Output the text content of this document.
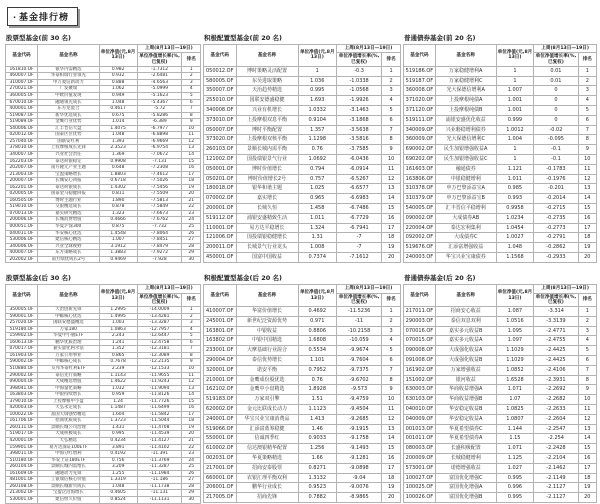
· 基金排行榜
股票型基金(前 30 名)
基金代码	基金名称	单位净值(元,8月13日)	上周(8月13日—19日)	
			单位净值增长率(%,已复权)	排名
161810.OF	银华内需精选	0.982	-1.7312	1
460007.OF	华泰柏瑞行业领先	0.932	-2.6481	2
310007.OF	申万菱信新动力	0.888	-4.6563	3
270021.OF	广发聚瑞	1.062	-5.0999	4
360005.OF	中欧价值发现	0.949	-5.1623	5
670010.OF	融通领先成长	1.048	-5.4367	6
400001.OF	东方龙混合	0.4617	-5.72	7
519087.OF	新华优选成长	0.675	-5.8286	8
519089.OF	金鹰行业优势	1.014	-6.389	9
540006.OF	汇丰晋信大盘	1.4075	-6.7977	10
020012.OF	国泰区位优势	1.048	-6.8898	11
257040.OF	国联安红利	1.393	-6.9669	12
378010.OF	上投摩根成长先锋	2.3523	-6.9754	13
340007.OF	兴业社会责任	1.369	-7.0672	14
162203.OF	泰达荷银稳定	0.9908	-7.131	15
202007.OF	南方隆元产业主题	0.648	-7.2308	16
213003.OF	宝盈策略增长	1.8803	-7.4612	17
200007.OF	长城安心回报	0.6718	-7.5026	18
162201.OF	泰达荷银成长	1.4302	-7.5456	19
020005.OF	国泰金马稳健回报	0.811	-7.5509	20
160505.OF	博时主题行业	1.890	-7.5813	21
519010.OF	交银精选成长	0.878	-7.5849	22
070013.OF	嘉实研究精选	1.323	-7.6673	23
200006.OF	长城消费增值	0.4666	-7.6762	24
000051.OF	华夏沪深300	0.875	-7.732	25
040011.OF	华安核心优选	1.4548	-7.8064	26
530006.OF	建信核心精选	1.007	-7.8451	27
340006.OF	兴业全球视野	3.1912	-7.8479	28
400007.OF	东方策略成长	1.3883	-7.9272	29
202002.OF	南方绩优成长2号	0.9469	-7.928	30
积极配置型基金(前 20 名)
基金代码	基金名称	单位净值(元,8月13日)	上周(8月13日—19日)	
			单位净值增长率(%,已复权)	排名
050012.OF	博时策略灵活配置	1	-0.3	1
580005.OF	东吴进取策略	1.036	-1.0338	2
350007.OF	天治趋势精选	0.995	-1.0568	3
255010.OF	国联安德盛稳健	1.693	-1.9926	4
340008.OF	兴业有机增长	1.0332	-3.1463	5
373010.OF	上投摩根双息平衡	0.9104	-3.1868	6
050007.OF	博时平衡配置	1.357	-3.5638	7
373020.OF	上投摩根双核平衡	1.1298	-3.5816	8
260103.OF	景顺长城内需平衡	0.76	-3.7585	9
121002.OF	国投瑞银景气行业	1.0692	-6.0436	10
050001.OF	博时价值增长	0.794	-6.0914	11
050201.OF	博时价值增长2号	0.757	-6.5267	12
180018.OF	银华和谐主题	1.025	-6.6577	13
070002.OF	嘉实增长	0.965	-6.6983	14
200001.OF	长城久恒	1.458	-6.7486	15
519112.OF	浦银安盛精致生活	1.011	-6.7729	16
110001.OF	易方达平稳增长	1.324	-6.7941	17
121006.OF	国投瑞银稳健增长	1.31	-7	18
200011.OF	长城景气行业龙头	1.008	-7	19
450001.OF	国富中国收益	0.7374	-7.1612	20
普通债券基金(前 20 名)
基金代码	基金名称	单位净值(元,8月13日)	上周(8月13日—19日)	
			单位净值增长率(%,已复权)	排名
519186.OF	万家稳健增利A	1	0.01	1
519187.OF	万家稳健增利C	1	0.01	2
360008.OF	光大保德信增利A	1.007	0	3
371020.OF	上投摩根纯债A	1.001	0	4
371120.OF	上投摩根纯债B	1.001	0	5
519111.OF	浦银安盛优化收益	0.999	0	6
340009.OF	兴业磐稳增利债券	1.0012	-0.02	7
360009.OF	光大保德信增利C	1.004	-0.095	8
690002.OF	民生加银增强收益A	1	-0.1	9
690202.OF	民生加银增强收益C	1	-0.1	10
161603.OF	融通债券	1.121	-0.1783	11
163806.OF	中银稳健增利	1.011	-0.1976	12
310378.OF	申万巴黎添益宝A	0.985	-0.201	13
310379.OF	申万巴黎添益宝B	0.993	-0.2014	14
540005.OF	汇丰晋信平稳增利	0.9958	-0.2715	15
090002.OF	大成债券AB	1.0234	-0.2735	16
220004.OF	泰达宏利集利	1.0454	-0.2773	17
092002.OF	大成债券C	1.0027	-0.2791	18
519676.OF	汇添富增强收益	1.048	-0.2862	19
240003.OF	华宝兴业宝康债券	1.1568	-0.2933	20
股票型基金(后 30 名)
基金代码	基金名称	单位净值(元,8月13日)	上周(8月13日—19日)	
			单位净值增长率(%,已复权)	排名
350005.OF	天治创新先锋	1.2995	-14.0009	1
590001.OF	中邮核心优选	1.4995	-13.4281	2
257020.OF	国联安德盛精选	1.003	-13.3287	3
519180.OF	万家180	1.0863	-12.7957	4
159902.OF	华夏中小板ETF	2.243	-12.6447	5
160613.OF	鹏华优质治理	1.241	-12.4758	6
070017.OF	嘉实量化阿尔法	1.352	-12.3181	7
161903.OF	万家公用事业	0.865	-12.3089	8
590002.OF	中邮核心成长	0.7678	-12.2135	9
510880.OF	友邦华泰红利ETF	2.239	-12.1533	10
290002.OF	泰信先行策略	1.1143	-11.9655	11
090004.OF	大成精选增值	1.4622	-11.9243	12
398041.OF	中海量化策略	1.032	-11.9094	13
163803.OF	中银持续增长	0.959	-11.8126	14
379010.OF	上投摩根中小盘	1.24	-11.7726	15
420003.OF	天弘永定成长	1.1487	-11.6499	16
100022.OF	富国天瑞强势精选	1.604	-11.5842	17
161706.OF	招商优质成长	1.3723	-11.5044	18
260111.OF	景顺长城公司治理	1.431	-11.4708	19
519017.OF	大成积极成长	0.995	-11.4539	20
420001.OF	天弘精选	0.4234	-11.4127	21
159901.OF	易方达深证100ETF	3.891	-11.4102	22
398011.OF	中海分红增利	0.4192	-11.391	23
510180.OF	华安上证180ETF	0.756	-11.3769	24
260104.OF	景顺长城内需增长	3.209	-11.3287	25
161609.OF	融通动力先锋	1.255	-11.1984	26
481001.OF	工银瑞信核心价值	1.3319	-11.186	27
260108.OF	景顺长城新兴成长	1.048	-11.1738	28
213002.OF	宝盈泛沿海增长	0.4605	-11.131	29
530001.OF	建信恒久价值	0.8524	-11.1131	30
积极配置型基金(后 20 名)
基金代码	基金名称	单位净值(元,8月13日)	上周(8月13日—19日)	
			单位净值增长率(%,已复权)	排名
410007.OF	华富价值增长	0.4692	-11.5236	1
245001.OF	新世纪泛资源优势	0.971	-11	2
163801.OF	中银收益	0.8806	-10.2158	3
163802.OF	中银中国精选	1.6808	-10.059	4
233001.OF	大摩基础行业混合	0.5534	-9.9674	5
290004.OF	泰信优势增长	1.101	-9.7604	6
320001.OF	诺安平衡	0.7952	-9.7375	7
210001.OF	金鹰成份股优选	0.76	-9.6702	8
162102.OF	金鹰中小盘精选	1.8928	-9.573	9
519183.OF	万家双引擎	1.51	-9.4759	10
620002.OF	金元比联成长动力	1.1123	-9.4504	11
240001.OF	华宝兴业宝康消费品	1.413	-9.2685	12
519066.OF	汇添富蓝筹稳健	1.46	-9.1915	13
550001.OF	信诚四季红	0.9033	-9.1758	14
610002.OF	信达澳银精华配置	1.256	-9.1493	15
002031.OF	华夏策略精选	1.66	-9.1281	16
217001.OF	招商安泰股票	0.8271	-9.0898	17
660001.OF	农银汇理平衡双利	1.3132	-9.04	18
206001.OF	鹏华行业成长	0.9523	-9.0076	19
217005.OF	招商先锋	0.7882	-8.9865	20
普通债券基金(后 20 名)
基金代码	基金名称	单位净值(元,8月13日)	上周(8月13日—19日)	
			单位净值增长率(%,已复权)	排名
217011.OF	招商安心收益	1.087	-3.314	1
290003.OF	泰信双息双利	1.0516	-3.3139	2
070016.OF	嘉实多元收益B	1.095	-2.4771	3
070015.OF	嘉实多元收益A	1.097	-2.4755	4
090008.OF	大成强化收益A	1.1029	-2.4425	5
091008.OF	大成强化收益B	1.1029	-2.4425	6
161902.OF	万家增强收益	1.0852	-2.4106	7
151002.OF	银河收益	1.6528	-2.3931	8
630003.OF	华商收益增强A	1.071	-2.2692	9
630103.OF	华商收益增强B	1.07	-2.2682	10
040010.OF	华安稳定收益B	1.0825	-2.2633	11
040009.OF	华安稳定收益A	1.0807	-2.2604	12
001013.OF	华夏希望债券C	1.144	-2.2547	13
001011.OF	华夏希望债券A	1.15	-2.254	14
080003.OF	长盛积极配置	1.071	-2.2428	15
200009.OF	长城稳健增利	1.125	-2.2104	16
573001.OF	诺德增强收益	1.027	-2.1462	17
100027.OF	富国优化增强C	0.995	-2.1149	18
100025.OF	富国优化增强A	0.996	-2.1127	19
100026.OF	富国优化增强B	0.995	-2.1127	20
